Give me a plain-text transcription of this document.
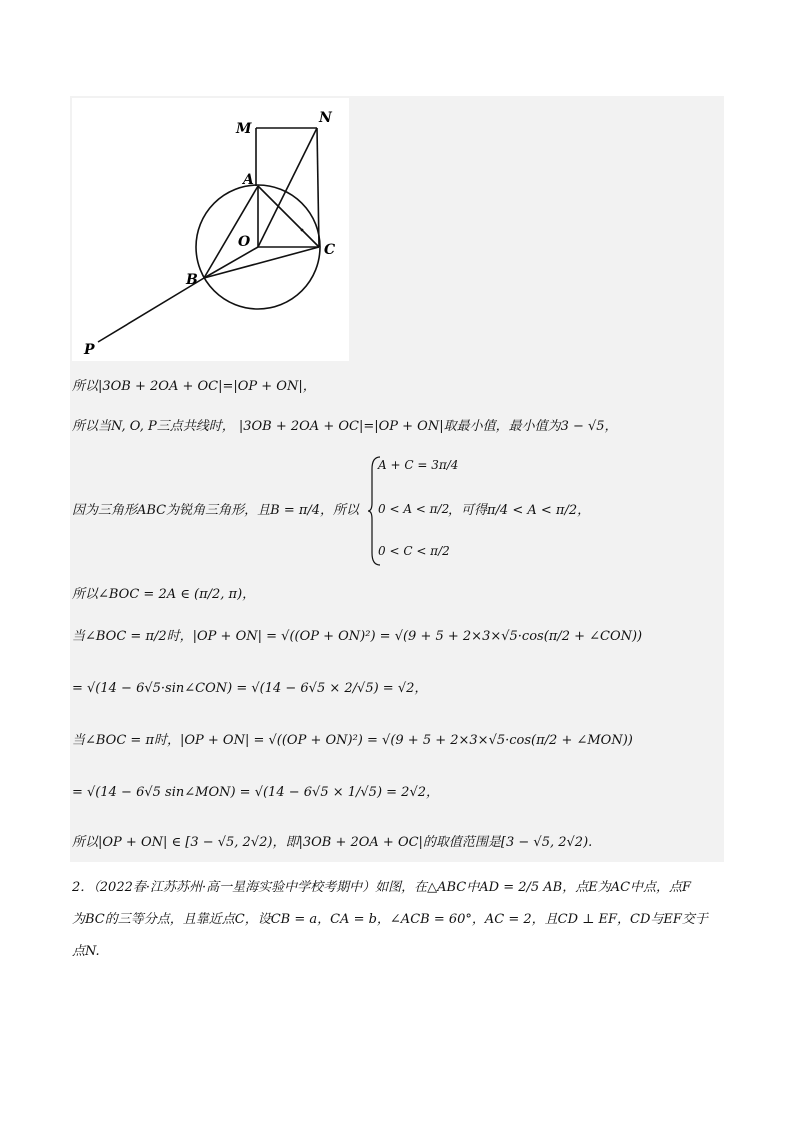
M
N
A
O	C
B
P
所以|3OB + 2OA + OC|=|OP + ON|，
所以当N, O, P三点共线时， |3OB + 2OA + OC|=|OP + ON|取最小值，最小值为3 − √5，
因为三角形ABC为锐角三角形，且B = π/4，所以
A + C = 3π/4
0 < A < π/2
0 < C < π/2
，可得π/4 < A < π/2，
所以∠BOC = 2A ∈ (π/2, π)，
当∠BOC = π/2时，|OP + ON| = √((OP + ON)²) = √(9 + 5 + 2×3×√5·cos(π/2 + ∠CON))
= √(14 − 6√5·sin∠CON) = √(14 − 6√5 × 2/√5) = √2，
当∠BOC = π时，|OP + ON| = √((OP + ON)²) = √(9 + 5 + 2×3×√5·cos(π/2 + ∠MON))
= √(14 − 6√5 sin∠MON) = √(14 − 6√5 × 1/√5) = 2√2，
所以|OP + ON| ∈ [3 − √5, 2√2)，即|3OB + 2OA + OC|的取值范围是[3 − √5, 2√2).

2．（2022春·江苏苏州·高一星海实验中学校考期中）如图，在△ABC中AD = 2/5 AB，点E为AC中点，点F

为BC的三等分点，且靠近点C，设CB = a，CA = b，∠ACB = 60°，AC = 2，且CD ⊥ EF，CD与EF交于

点N.
